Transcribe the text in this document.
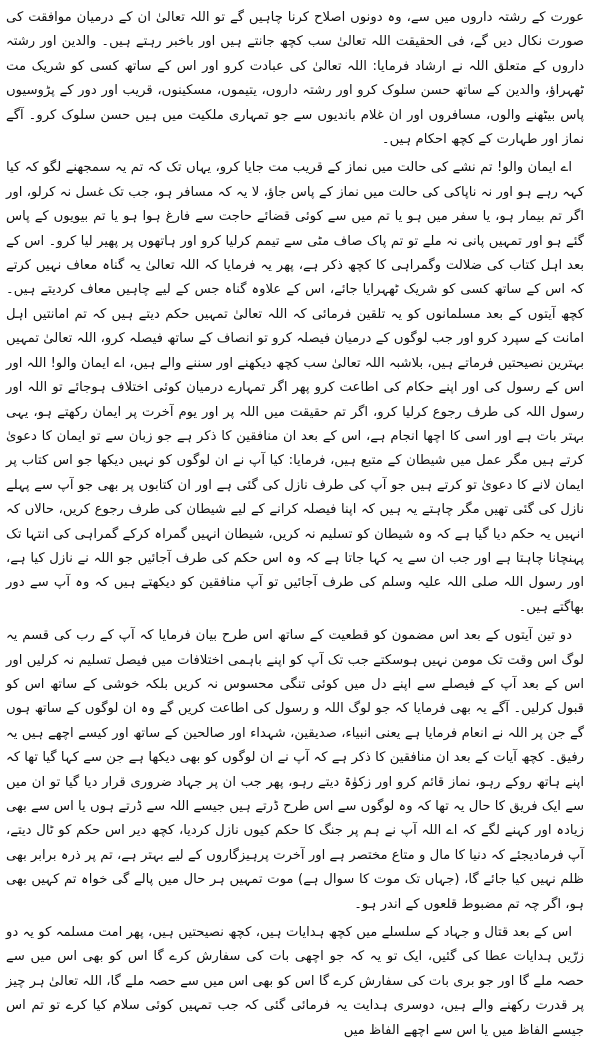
عورت کے رشتہ داروں میں سے، وہ دونوں اصلاح کرنا چاہیں گے تو اللہ تعالیٰ ان کے درمیان موافقت کی صورت نکال دیں گے، فی الحقیقت اللہ تعالیٰ سب کچھ جانتے ہیں اور باخبر رہتے ہیں۔ والدین اور رشتہ داروں کے متعلق اللہ نے ارشاد فرمایا: اللہ تعالیٰ کی عبادت کرو اور اس کے ساتھ کسی کو شریک مت ٹھہراؤ، والدین کے ساتھ حسن سلوک کرو اور رشتہ داروں، یتیموں، مسکینوں، قریب اور دور کے پڑوسیوں پاس بیٹھنے والوں، مسافروں اور ان غلام باندیوں سے جو تمہاری ملکیت میں ہیں حسن سلوک کرو۔ آگے نماز اور طہارت کے کچھ احکام ہیں۔

اے ایمان والو! تم نشے کی حالت میں نماز کے قریب مت جایا کرو، یہاں تک کہ تم یہ سمجھنے لگو کہ کیا کہہ رہے ہو اور نہ ناپاکی کی حالت میں نماز کے پاس جاؤ، لا یہ کہ مسافر ہو، جب تک غسل نہ کرلو، اور اگر تم بیمار ہو، یا سفر میں ہو یا تم میں سے کوئی قضائے حاجت سے فارغ ہوا ہو یا تم بیویوں کے پاس گئے ہو اور تمہیں پانی نہ ملے تو تم پاک صاف مٹی سے تیمم کرلیا کرو اور ہاتھوں پر پھیر لیا کرو۔ اس کے بعد اہل کتاب کی ضلالت وگمراہی کا کچھ ذکر ہے، پھر یہ فرمایا کہ اللہ تعالیٰ یہ گناہ معاف نہیں کرتے کہ اس کے ساتھ کسی کو شریک ٹھہرایا جائے، اس کے علاوہ گناہ جس کے لیے چاہیں معاف کردیتے ہیں۔ کچھ آیتوں کے بعد مسلمانوں کو یہ تلقین فرمائی کہ اللہ تعالیٰ تمہیں حکم دیتے ہیں کہ تم امانتیں اہل امانت کے سپرد کرو اور جب لوگوں کے درمیان فیصلہ کرو تو انصاف کے ساتھ فیصلہ کرو، اللہ تعالیٰ تمہیں بہترین نصیحتیں فرماتے ہیں، بلاشبہ اللہ تعالیٰ سب کچھ دیکھنے اور سننے والے ہیں، اے ایمان والو! اللہ اور اس کے رسول کی اور اپنے حکام کی اطاعت کرو پھر اگر تمہارے درمیان کوئی اختلاف ہوجائے تو اللہ اور رسول اللہ کی طرف رجوع کرلیا کرو، اگر تم حقیقت میں اللہ پر اور یوم آخرت پر ایمان رکھتے ہو، یہی بہتر بات ہے اور اسی کا اچھا انجام ہے، اس کے بعد ان منافقین کا ذکر ہے جو زبان سے تو ایمان کا دعویٰ کرتے ہیں مگر عمل میں شیطان کے متبع ہیں، فرمایا: کیا آپ نے ان لوگوں کو نہیں دیکھا جو اس کتاب پر ایمان لانے کا دعویٰ تو کرتے ہیں جو آپ کی طرف نازل کی گئی ہے اور ان کتابوں پر بھی جو آپ سے پہلے نازل کی گئی تھیں مگر چاہتے یہ ہیں کہ اپنا فیصلہ کرانے کے لیے شیطان کی طرف رجوع کریں، حالاں کہ انہیں یہ حکم دیا گیا ہے کہ وہ شیطان کو تسلیم نہ کریں، شیطان انہیں گمراہ کرکے گمراہی کی انتہا تک پہنچانا چاہتا ہے اور جب ان سے یہ کہا جاتا ہے کہ وہ اس حکم کی طرف آجائیں جو اللہ نے نازل کیا ہے، اور رسول اللہ صلی اللہ علیہ وسلم کی طرف آجائیں تو آپ منافقین کو دیکھتے ہیں کہ وہ آپ سے دور بھاگتے ہیں۔

دو تین آیتوں کے بعد اس مضمون کو قطعیت کے ساتھ اس طرح بیان فرمایا کہ آپ کے رب کی قسم یہ لوگ اس وقت تک مومن نہیں ہوسکتے جب تک آپ کو اپنے باہمی اختلافات میں فیصل تسلیم نہ کرلیں اور اس کے بعد آپ کے فیصلے سے اپنے دل میں کوئی تنگی محسوس نہ کریں بلکہ خوشی کے ساتھ اس کو قبول کرلیں۔ آگے یہ بھی فرمایا کہ جو لوگ اللہ و رسول کی اطاعت کریں گے وہ ان لوگوں کے ساتھ ہوں گے جن پر اللہ نے انعام فرمایا ہے یعنی انبیاء، صدیقین، شہداء اور صالحین کے ساتھ اور کیسے اچھے ہیں یہ رفیق۔ کچھ آیات کے بعد ان منافقین کا ذکر ہے کہ آپ نے ان لوگوں کو بھی دیکھا ہے جن سے کہا گیا تھا کہ اپنے ہاتھ روکے رہو، نماز قائم کرو اور زکوٰۃ دیتے رہو، پھر جب ان پر جہاد ضروری قرار دیا گیا تو ان میں سے ایک فریق کا حال یہ تھا کہ وہ لوگوں سے اس طرح ڈرتے ہیں جیسے اللہ سے ڈرتے ہوں یا اس سے بھی زیادہ اور کہنے لگے کہ اے اللہ آپ نے ہم پر جنگ کا حکم کیوں نازل کردیا، کچھ دیر اس حکم کو ٹال دیتے، آپ فرمادیجئے کہ دنیا کا مال و متاع مختصر ہے اور آخرت پرہیزگاروں کے لیے بہتر ہے، تم پر ذرہ برابر بھی ظلم نہیں کیا جائے گا، (جہاں تک موت کا سوال ہے) موت تمہیں ہر حال میں پالے گی خواہ تم کہیں بھی ہو، اگر چہ تم مضبوط قلعوں کے اندر ہو۔

اس کے بعد قتال و جہاد کے سلسلے میں کچھ ہدایات ہیں، کچھ نصیحتیں ہیں، پھر امت مسلمہ کو یہ دو زرّیں ہدایات عطا کی گئیں، ایک تو یہ کہ جو اچھی بات کی سفارش کرے گا اس کو بھی اس میں سے حصہ ملے گا اور جو بری بات کی سفارش کرے گا اس کو بھی اس میں سے حصہ ملے گا، اللہ تعالیٰ ہر چیز پر قدرت رکھنے والے ہیں، دوسری ہدایت یہ فرمائی گئی کہ جب تمہیں کوئی سلام کیا کرے تو تم اس جیسے الفاظ میں یا اس سے اچھے الفاظ میں
